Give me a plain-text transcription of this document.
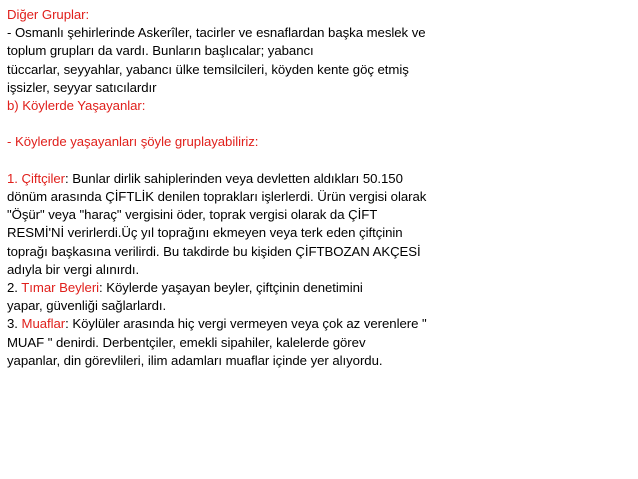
Diğer Gruplar:
- Osmanlı şehirlerinde Askerîler, tacirler ve esnaflardan başka meslek ve
toplum grupları da vardı. Bunların başlıcalar; yabancı
tüccarlar, seyyahlar, yabancı ülke temsilcileri, köyden kente göç etmiş
işsizler, seyyar satıcılardır
b) Köylerde Yaşayanlar:
- Köylerde yaşayanları şöyle gruplayabiliriz:
1. Çiftçiler: Bunlar dirlik sahiplerinden veya devletten aldıkları 50.150
dönüm arasında ÇİFTLİK denilen toprakları işlerlerdi. Ürün vergisi olarak
"Öşür" veya "haraç" vergisini öder, toprak vergisi olarak da ÇİFT
RESMİ'Nİ verirlerdi.Üç yıl toprağını ekmeyen veya terk eden çiftçinin
toprağı başkasına verilirdi. Bu takdirde bu kişiden ÇİFTBOZAN AKÇESİ
adıyla bir vergi alınırdı.
2. Tımar Beyleri: Köylerde yaşayan beyler, çiftçinin denetimini
yapar, güvenliği sağlarlardı.
3. Muaflar: Köylüler arasında hiç vergi vermeyen veya çok az verenlere "
MUAF " denirdi. Derbentçiler, emekli sipahiler, kalelerde görev
yapanlar, din görevlileri, ilim adamları muaflar içinde yer alıyordu.
